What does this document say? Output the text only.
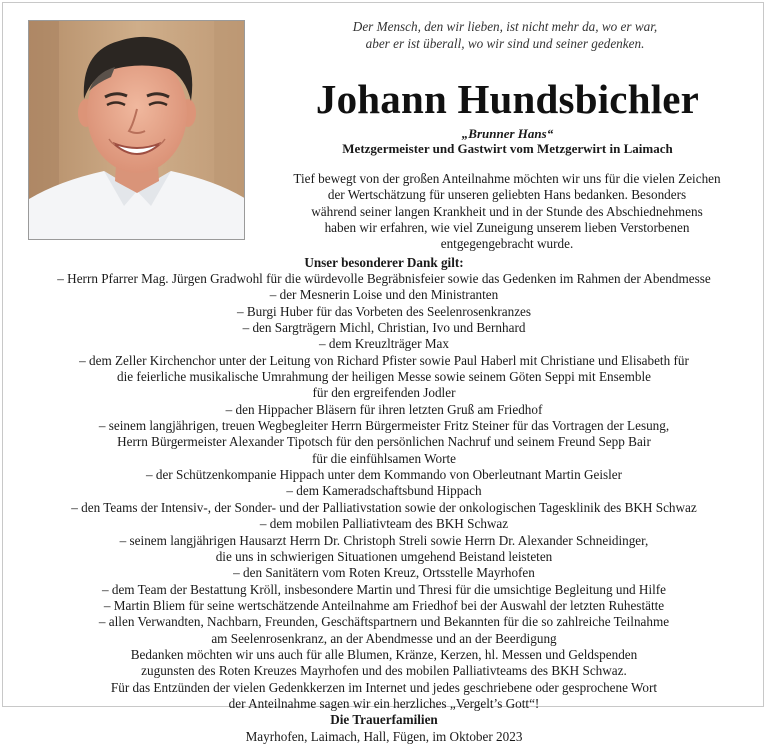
Der Mensch, den wir lieben, ist nicht mehr da, wo er war,
aber er ist überall, wo wir sind und seiner gedenken.
Johann Hundsbichler
„Brunner Hans“
Metzgermeister und Gastwirt vom Metzgerwirt in Laimach
Tief bewegt von der großen Anteilnahme möchten wir uns für die vielen Zeichen
der Wertschätzung für unseren geliebten Hans bedanken. Besonders
während seiner langen Krankheit und in der Stunde des Abschiednehmens
haben wir erfahren, wie viel Zuneigung unserem lieben Verstorbenen
entgegengebracht wurde.
Unser besonderer Dank gilt:
– Herrn Pfarrer Mag. Jürgen Gradwohl für die würdevolle Begräbnisfeier sowie das Gedenken im Rahmen der Abendmesse
– der Mesnerin Loise und den Ministranten
– Burgi Huber für das Vorbeten des Seelenrosenkranzes
– den Sargträgern Michl, Christian, Ivo und Bernhard
– dem Kreuzlträger Max
– dem Zeller Kirchenchor unter der Leitung von Richard Pfister sowie Paul Haberl mit Christiane und Elisabeth für
die feierliche musikalische Umrahmung der heiligen Messe sowie seinem Göten Seppi mit Ensemble
für den ergreifenden Jodler
– den Hippacher Bläsern für ihren letzten Gruß am Friedhof
– seinem langjährigen, treuen Wegbegleiter Herrn Bürgermeister Fritz Steiner für das Vortragen der Lesung,
Herrn Bürgermeister Alexander Tipotsch für den persönlichen Nachruf und seinem Freund Sepp Bair
für die einfühlsamen Worte
– der Schützenkompanie Hippach unter dem Kommando von Oberleutnant Martin Geisler
– dem Kameradschaftsbund Hippach
– den Teams der Intensiv-, der Sonder- und der Palliativstation sowie der onkologischen Tagesklinik des BKH Schwaz
– dem mobilen Palliativteam des BKH Schwaz
– seinem langjährigen Hausarzt Herrn Dr. Christoph Streli sowie Herrn Dr. Alexander Schneidinger,
die uns in schwierigen Situationen umgehend Beistand leisteten
– den Sanitätern vom Roten Kreuz, Ortsstelle Mayrhofen
– dem Team der Bestattung Kröll, insbesondere Martin und Thresi für die umsichtige Begleitung und Hilfe
– Martin Bliem für seine wertschätzende Anteilnahme am Friedhof bei der Auswahl der letzten Ruhestätte
– allen Verwandten, Nachbarn, Freunden, Geschäftspartnern und Bekannten für die so zahlreiche Teilnahme
am Seelenrosenkranz, an der Abendmesse und an der Beerdigung
Bedanken möchten wir uns auch für alle Blumen, Kränze, Kerzen, hl. Messen und Geldspenden
zugunsten des Roten Kreuzes Mayrhofen und des mobilen Palliativteams des BKH Schwaz.
Für das Entzünden der vielen Gedenkkerzen im Internet und jedes geschriebene oder gesprochene Wort
der Anteilnahme sagen wir ein herzliches „Vergelt’s Gott“!
Die Trauerfamilien
Mayrhofen, Laimach, Hall, Fügen, im Oktober 2023
